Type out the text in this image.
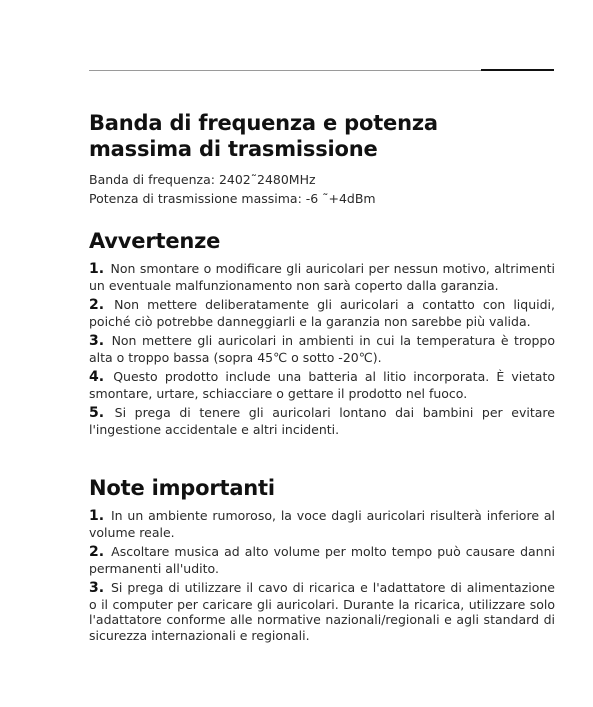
Banda di frequenza e potenza
massima di trasmissione

Banda di frequenza: 2402˜2480MHz

Potenza di trasmissione massima: -6 ˜+4dBm

Avvertenze

1. Non smontare o modificare gli auricolari per nessun motivo, altrimenti un eventuale malfunzionamento non sarà coperto dalla garanzia.

2. Non mettere deliberatamente gli auricolari a contatto con liquidi, poiché ciò potrebbe danneggiarli e la garanzia non sarebbe più valida.

3. Non mettere gli auricolari in ambienti in cui la temperatura è troppo alta o troppo bassa (sopra 45℃ o sotto -20℃).

4. Questo prodotto include una batteria al litio incorporata. È vietato smontare, urtare, schiacciare o gettare il prodotto nel fuoco.

5. Si prega di tenere gli auricolari lontano dai bambini per evitare l'ingestione accidentale e altri incidenti.

Note importanti

1. In un ambiente rumoroso, la voce dagli auricolari risulterà inferiore al volume reale.

2. Ascoltare musica ad alto volume per molto tempo può causare danni permanenti all'udito.

3. Si prega di utilizzare il cavo di ricarica e l'adattatore di alimentazione o il computer per caricare gli auricolari. Durante la ricarica, utilizzare solo l'adattatore conforme alle normative nazionali/regionali e agli standard di sicurezza internazionali e regionali.
